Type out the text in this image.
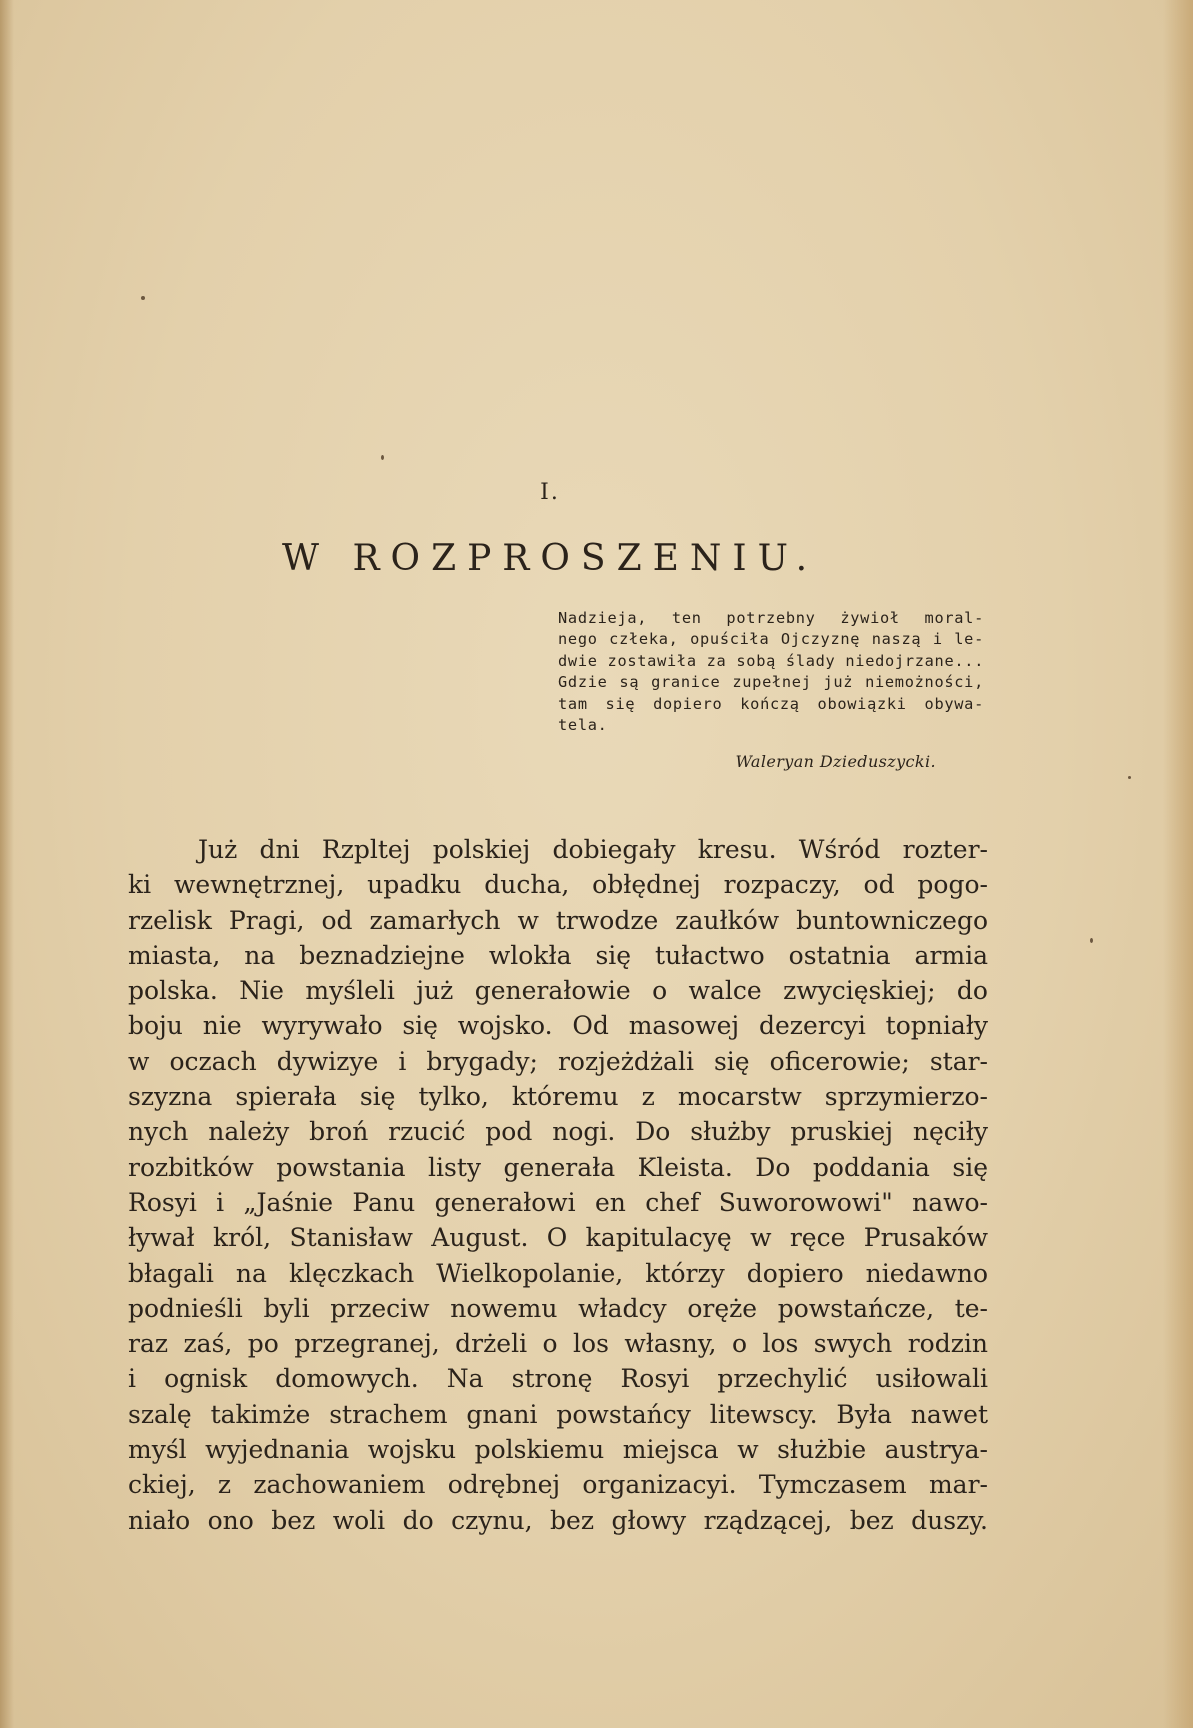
I.
W ROZPROSZENIU.
Nadzieja, ten potrzebny żywioł moral-
nego człeka, opuściła Ojczyznę naszą i le-
dwie zostawiła za sobą ślady niedojrzane...
Gdzie są granice zupełnej już niemożności,
tam się dopiero kończą obowiązki obywa-
tela.
Waleryan Dzieduszycki.
Już dni Rzpltej polskiej dobiegały kresu. Wśród rozter-
ki wewnętrznej, upadku ducha, obłędnej rozpaczy, od pogo-
rzelisk Pragi, od zamarłych w trwodze zaułków buntowniczego
miasta, na beznadziejne wlokła się tułactwo ostatnia armia
polska. Nie myśleli już generałowie o walce zwycięskiej; do
boju nie wyrywało się wojsko. Od masowej dezercyi topniały
w oczach dywizye i brygady; rozjeżdżali się oficerowie; star-
szyzna spierała się tylko, któremu z mocarstw sprzymierzo-
nych należy broń rzucić pod nogi. Do służby pruskiej nęciły
rozbitków powstania listy generała Kleista. Do poddania się
Rosyi i „Jaśnie Panu generałowi en chef Suworowowi" nawo-
ływał król, Stanisław August. O kapitulacyę w ręce Prusaków
błagali na klęczkach Wielkopolanie, którzy dopiero niedawno
podnieśli byli przeciw nowemu władcy oręże powstańcze, te-
raz zaś, po przegranej, drżeli o los własny, o los swych rodzin
i ognisk domowych. Na stronę Rosyi przechylić usiłowali
szalę takimże strachem gnani powstańcy litewscy. Była nawet
myśl wyjednania wojsku polskiemu miejsca w służbie austrya-
ckiej, z zachowaniem odrębnej organizacyi. Tymczasem mar-
niało ono bez woli do czynu, bez głowy rządzącej, bez duszy.
